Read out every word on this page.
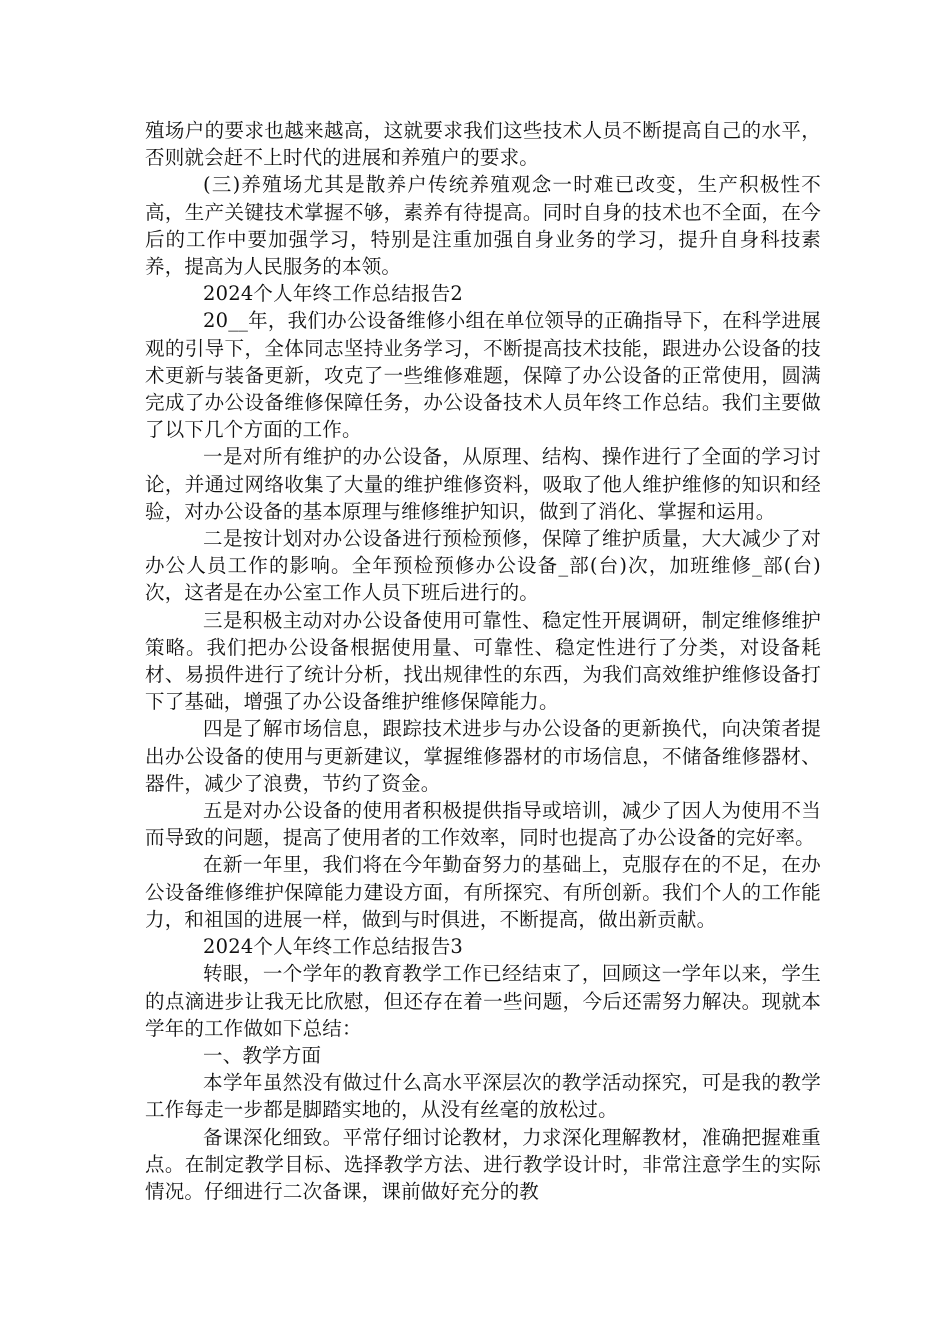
殖场户的要求也越来越高，这就要求我们这些技术人员不断提高自己的水平，否则就会赶不上时代的进展和养殖户的要求。

(三)养殖场尤其是散养户传统养殖观念一时难已改变，生产积极性不高，生产关键技术掌握不够，素养有待提高。同时自身的技术也不全面，在今后的工作中要加强学习，特别是注重加强自身业务的学习，提升自身科技素养，提高为人民服务的本领。

2024个人年终工作总结报告2

20__年，我们办公设备维修小组在单位领导的正确指导下，在科学进展观的引导下，全体同志坚持业务学习，不断提高技术技能，跟进办公设备的技术更新与装备更新，攻克了一些维修难题，保障了办公设备的正常使用，圆满完成了办公设备维修保障任务，办公设备技术人员年终工作总结。我们主要做了以下几个方面的工作。

一是对所有维护的办公设备，从原理、结构、操作进行了全面的学习讨论，并通过网络收集了大量的维护维修资料，吸取了他人维护维修的知识和经验，对办公设备的基本原理与维修维护知识，做到了消化、掌握和运用。

二是按计划对办公设备进行预检预修，保障了维护质量，大大减少了对办公人员工作的影响。全年预检预修办公设备_部(台)次，加班维修_部(台)次，这者是在办公室工作人员下班后进行的。

三是积极主动对办公设备使用可靠性、稳定性开展调研，制定维修维护策略。我们把办公设备根据使用量、可靠性、稳定性进行了分类，对设备耗材、易损件进行了统计分析，找出规律性的东西，为我们高效维护维修设备打下了基础，增强了办公设备维护维修保障能力。

四是了解市场信息，跟踪技术进步与办公设备的更新换代，向决策者提出办公设备的使用与更新建议，掌握维修器材的市场信息，不储备维修器材、器件，减少了浪费，节约了资金。

五是对办公设备的使用者积极提供指导或培训，减少了因人为使用不当而导致的问题，提高了使用者的工作效率，同时也提高了办公设备的完好率。

在新一年里，我们将在今年勤奋努力的基础上，克服存在的不足，在办公设备维修维护保障能力建设方面，有所探究、有所创新。我们个人的工作能力，和祖国的进展一样，做到与时俱进，不断提高，做出新贡献。

2024个人年终工作总结报告3

转眼，一个学年的教育教学工作已经结束了，回顾这一学年以来，学生的点滴进步让我无比欣慰，但还存在着一些问题，今后还需努力解决。现就本学年的工作做如下总结：

一、教学方面

本学年虽然没有做过什么高水平深层次的教学活动探究，可是我的教学工作每走一步都是脚踏实地的，从没有丝毫的放松过。

备课深化细致。平常仔细讨论教材，力求深化理解教材，准确把握难重点。在制定教学目标、选择教学方法、进行教学设计时，非常注意学生的实际情况。仔细进行二次备课，课前做好充分的教
